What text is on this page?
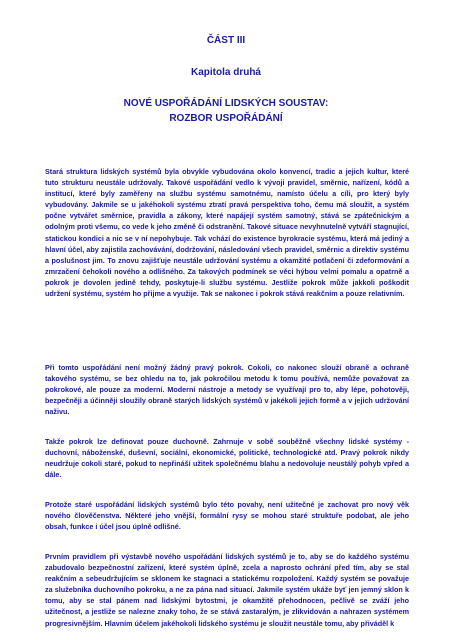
ČÁST III
Kapitola druhá
NOVÉ USPOŘÁDÁNÍ LIDSKÝCH SOUSTAV:
ROZBOR USPOŘÁDÁNÍ

Stará struktura lidských systémů byla obvykle vybudována okolo konvencí, tradic a jejich kultur, které tuto strukturu neustále udržovaly. Takové uspořádání vedlo k vývoji pravidel, směrnic, nařízení, kódů a institucí, které byly zaměřeny na službu systému samotnému, namísto účelu a cíli, pro který byly vybudovány. Jakmile se u jakéhokoli systému ztratí pravá perspektiva toho, čemu má sloužit, a systém počne vytvářet směrnice, pravidla a zákony, které napájejí systém samotný, stává se zpátečnickým a odolným proti všemu, co vede k jeho změně či odstranění. Takové situace nevyhnutelně vytváří stagnující, statickou kondici a nic se v ní nepohybuje. Tak vchází do existence byrokracie systému, která má jediný a hlavní účel, aby zajistila zachovávání, dodržování, následování všech pravidel, směrnic a direktiv systému a poslušnost jim. To znovu zajišťuje neustále udržování systému a okamžité potlačení či zdeformování a zmrzačení čehokoli nového a odlišného. Za takových podmínek se věci hýbou velmi pomalu a opatrně a pokrok je dovolen jedině tehdy, poskytuje-li službu systému. Jestliže pokrok může jakkoli poškodit udržení systému, systém ho přijme a využije. Tak se nakonec i pokrok stává reakčním a pouze relativním.

Při tomto uspořádání není možný žádný pravý pokrok. Cokoli, co nakonec slouží obraně a ochraně takového systému, se bez ohledu na to, jak pokročilou metodu k tomu používá, nemůže považovat za pokrokové, ale pouze za moderní. Moderní nástroje a metody se využívají pro to, aby lépe, pohotověji, bezpečněji a účinněji sloužily obraně starých lidských systémů v jakékoli jejich formě a v jejich udržování naživu.

Takže pokrok lze definovat pouze duchovně. Zahrnuje v sobě souběžně všechny lidské systémy - duchovní, náboženské, duševní, sociální, ekonomické, politické, technologické atd. Pravý pokrok nikdy neudržuje cokoli staré, pokud to nepřináší užitek společnému blahu a nedovoluje neustálý pohyb vpřed a dále.

Protože staré uspořádání lidských systémů bylo této povahy, není užitečné je zachovat pro nový věk nového člověčenstva. Některé jeho vnější, formální rysy se mohou staré struktuře podobat, ale jeho obsah, funkce i účel jsou úplně odlišné.

Prvním pravidlem při výstavbě nového uspořádání lidských systémů je to, aby se do každého systému zabudovalo bezpečnostní zařízení, které systém úplně, zcela a naprosto ochrání před tím, aby se stal reakčním a sebeudržujícím se sklonem ke stagnaci a statickému rozpoložení. Každý systém se považuje za služebníka duchovního pokroku, a ne za pána nad situací. Jakmile systém ukáže byť jen jemný sklon k tomu, aby se stal pánem nad lidskými bytostmi, je okamžitě přehodnocen, pečlivě se zváží jeho užitečnost, a jestliže se nalezne znaky toho, že se stává zastaralým, je zlikvidován a nahrazen systémem progresivnějším. Hlavním účelem jakéhokoli lidského systému je sloužit neustále tomu, aby přiváděl k
